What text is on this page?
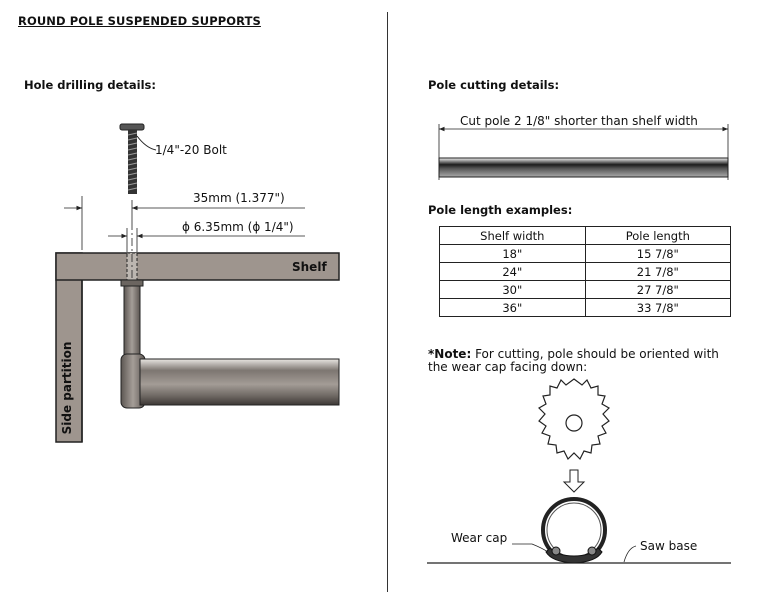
ROUND POLE SUSPENDED SUPPORTS
Hole drilling details:
1/4"-20 Bolt
35mm (1.377")
ϕ 6.35mm (ϕ 1/4")
Shelf
Side partition
Pole cutting details:
Cut pole 2 1/8" shorter than shelf width
Pole length examples:
Shelf width	Pole length
18"	15 7/8"
24"	21 7/8"
30"	27 7/8"
36"	33 7/8"
*Note: For cutting, pole should be oriented with the wear cap facing down:
Wear cap
Saw base
